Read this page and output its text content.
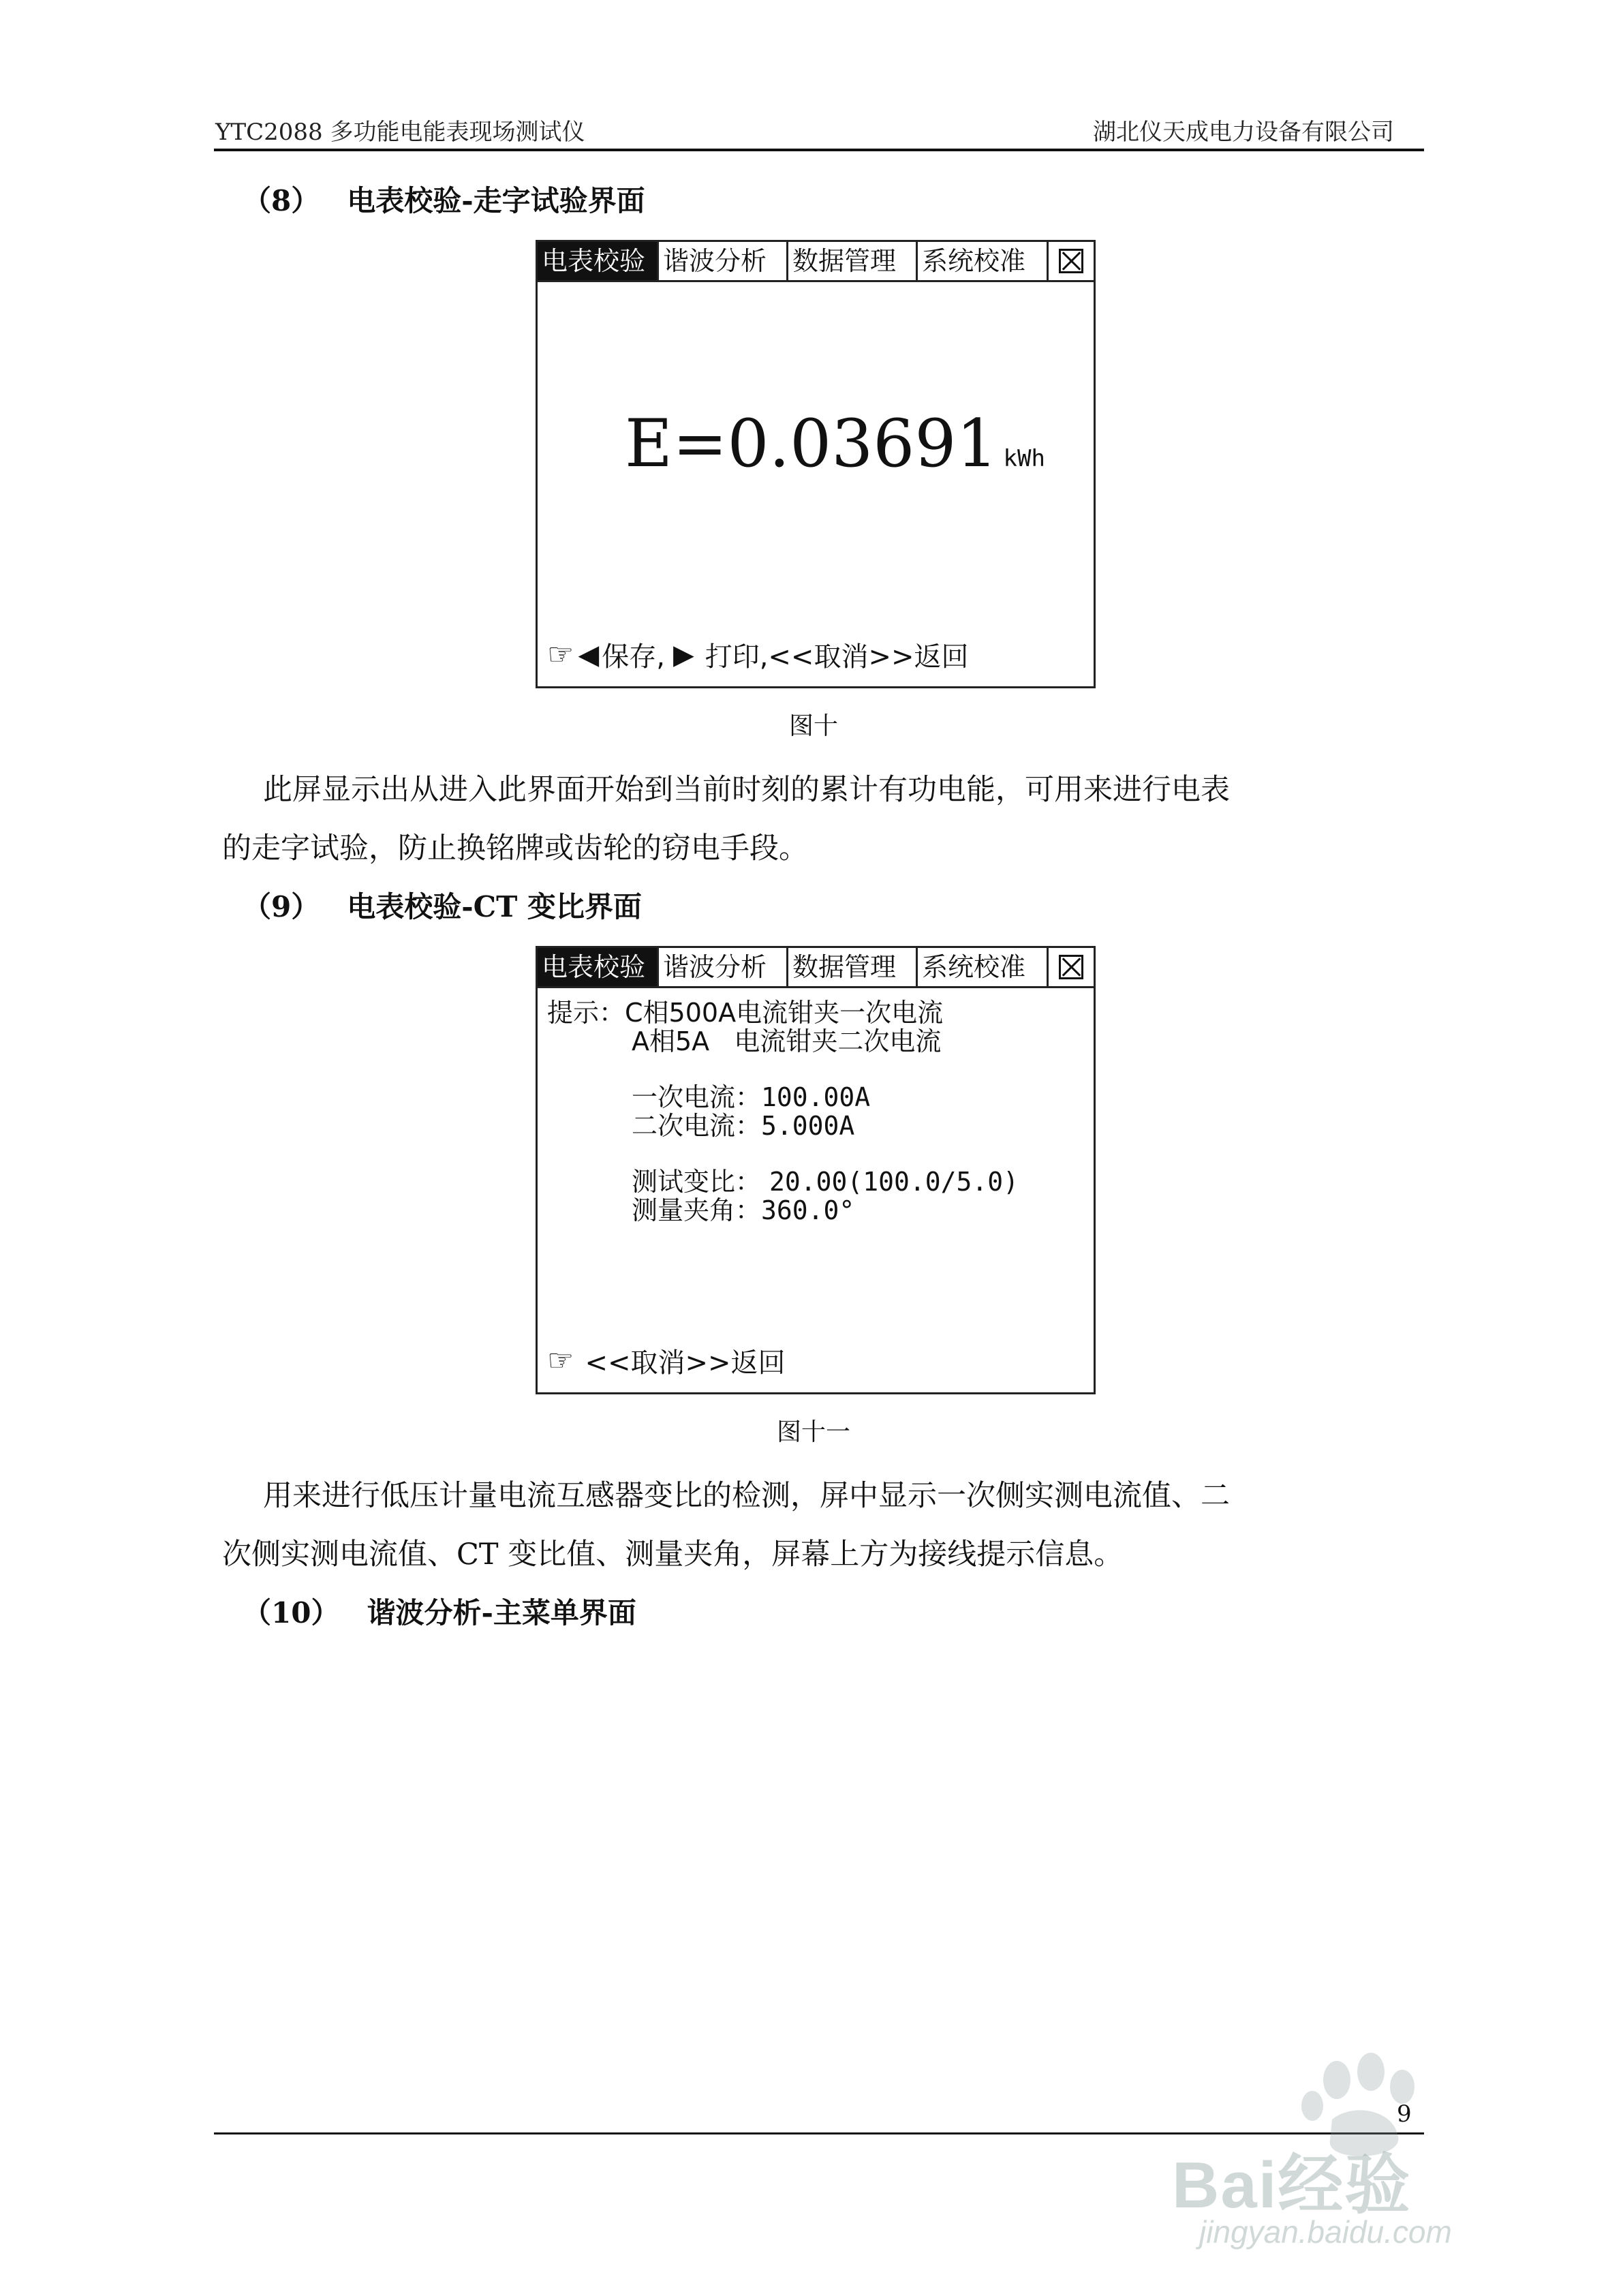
YTC2088 多功能电能表现场测试仪	湖北仪天成电力设备有限公司
（8） 电表校验-走字试验界面
电表校验 谐波分析 数据管理 系统校准
E=0.03691 kWh
☞ ◀ 保存, ▶ 打印,<<取消>>返回
图十

此屏显示出从进入此界面开始到当前时刻的累计有功电能，可用来进行电表

的走字试验，防止换铭牌或齿轮的窃电手段。

（9） 电表校验-CT 变比界面
电表校验 谐波分析 数据管理 系统校准
提示：C相500A电流钳夹一次电流
A相5A   电流钳夹二次电流
一次电流：100.00A
二次电流：5.000A
测试变比： 20.00(100.0/5.0)
测量夹角：360.0°
☞ <<取消>>返回
图十一

用来进行低压计量电流互感器变比的检测，屏中显示一次侧实测电流值、二

次侧实测电流值、CT 变比值、测量夹角，屏幕上方为接线提示信息。

（10） 谐波分析-主菜单界面
9
Bai经验
jingyan.baidu.com
